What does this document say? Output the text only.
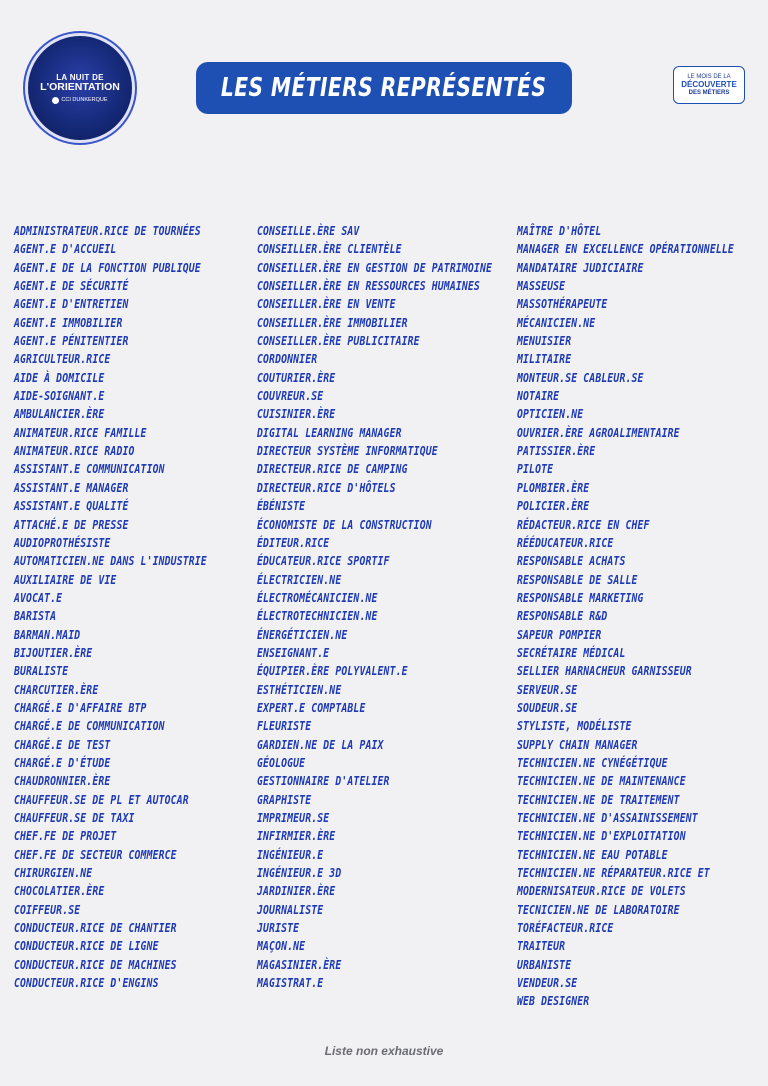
LA NUIT DE
L'ORIENTATION
CCI DUNKERQUE	LES MÉTIERS REPRÉSENTÉS	LE MOIS DE LA
DÉCOUVERTE
DES MÉTIERS
ADMINISTRATEUR.RICE DE TOURNÉES
AGENT.E D'ACCUEIL
AGENT.E DE LA FONCTION PUBLIQUE
AGENT.E DE SÉCURITÉ
AGENT.E D'ENTRETIEN
AGENT.E IMMOBILIER
AGENT.E PÉNITENTIER
AGRICULTEUR.RICE
AIDE À DOMICILE
AIDE-SOIGNANT.E
AMBULANCIER.ÈRE
ANIMATEUR.RICE FAMILLE
ANIMATEUR.RICE RADIO
ASSISTANT.E COMMUNICATION
ASSISTANT.E MANAGER
ASSISTANT.E QUALITÉ
ATTACHÉ.E DE PRESSE
AUDIOPROTHÉSISTE
AUTOMATICIEN.NE DANS L'INDUSTRIE
AUXILIAIRE DE VIE
AVOCAT.E
BARISTA
BARMAN.MAID
BIJOUTIER.ÈRE
BURALISTE
CHARCUTIER.ÈRE
CHARGÉ.E D'AFFAIRE BTP
CHARGÉ.E DE COMMUNICATION
CHARGÉ.E DE TEST
CHARGÉ.E D'ÉTUDE
CHAUDRONNIER.ÈRE
CHAUFFEUR.SE DE PL ET AUTOCAR
CHAUFFEUR.SE DE TAXI
CHEF.FE DE PROJET
CHEF.FE DE SECTEUR COMMERCE
CHIRURGIEN.NE
CHOCOLATIER.ÈRE
COIFFEUR.SE
CONDUCTEUR.RICE DE CHANTIER
CONDUCTEUR.RICE DE LIGNE
CONDUCTEUR.RICE DE MACHINES
CONDUCTEUR.RICE D'ENGINS
CONSEILLE.ÈRE SAV
CONSEILLER.ÈRE CLIENTÈLE
CONSEILLER.ÈRE EN GESTION DE PATRIMOINE
CONSEILLER.ÈRE EN RESSOURCES HUMAINES
CONSEILLER.ÈRE EN VENTE
CONSEILLER.ÈRE IMMOBILIER
CONSEILLER.ÈRE PUBLICITAIRE
CORDONNIER
COUTURIER.ÈRE
COUVREUR.SE
CUISINIER.ÈRE
DIGITAL LEARNING MANAGER
DIRECTEUR SYSTÈME INFORMATIQUE
DIRECTEUR.RICE DE CAMPING
DIRECTEUR.RICE D'HÔTELS
ÉBÉNISTE
ÉCONOMISTE DE LA CONSTRUCTION
ÉDITEUR.RICE
ÉDUCATEUR.RICE SPORTIF
ÉLECTRICIEN.NE
ÉLECTROMÉCANICIEN.NE
ÉLECTROTECHNICIEN.NE
ÉNERGÉTICIEN.NE
ENSEIGNANT.E
ÉQUIPIER.ÈRE POLYVALENT.E
ESTHÉTICIEN.NE
EXPERT.E COMPTABLE
FLEURISTE
GARDIEN.NE DE LA PAIX
GÉOLOGUE
GESTIONNAIRE D'ATELIER
GRAPHISTE
IMPRIMEUR.SE
INFIRMIER.ÈRE
INGÉNIEUR.E
INGÉNIEUR.E 3D
JARDINIER.ÈRE
JOURNALISTE
JURISTE
MAÇON.NE
MAGASINIER.ÈRE
MAGISTRAT.E
MAÎTRE D'HÔTEL
MANAGER EN EXCELLENCE OPÉRATIONNELLE
MANDATAIRE JUDICIAIRE
MASSEUSE
MASSOTHÉRAPEUTE
MÉCANICIEN.NE
MENUISIER
MILITAIRE
MONTEUR.SE CABLEUR.SE
NOTAIRE
OPTICIEN.NE
OUVRIER.ÈRE AGROALIMENTAIRE
PATISSIER.ÈRE
PILOTE
PLOMBIER.ÈRE
POLICIER.ÈRE
RÉDACTEUR.RICE EN CHEF
RÉÉDUCATEUR.RICE
RESPONSABLE ACHATS
RESPONSABLE DE SALLE
RESPONSABLE MARKETING
RESPONSABLE R&D
SAPEUR POMPIER
SECRÉTAIRE MÉDICAL
SELLIER HARNACHEUR GARNISSEUR
SERVEUR.SE
SOUDEUR.SE
STYLISTE, MODÉLISTE
SUPPLY CHAIN MANAGER
TECHNICIEN.NE CYNÉGÉTIQUE
TECHNICIEN.NE DE MAINTENANCE
TECHNICIEN.NE DE TRAITEMENT
TECHNICIEN.NE D'ASSAINISSEMENT
TECHNICIEN.NE D'EXPLOITATION
TECHNICIEN.NE EAU POTABLE
TECHNICIEN.NE RÉPARATEUR.RICE ET
MODERNISATEUR.RICE DE VOLETS
TECNICIEN.NE DE LABORATOIRE
TORÉFACTEUR.RICE
TRAITEUR
URBANISTE
VENDEUR.SE
WEB DESIGNER
Liste non exhaustive
